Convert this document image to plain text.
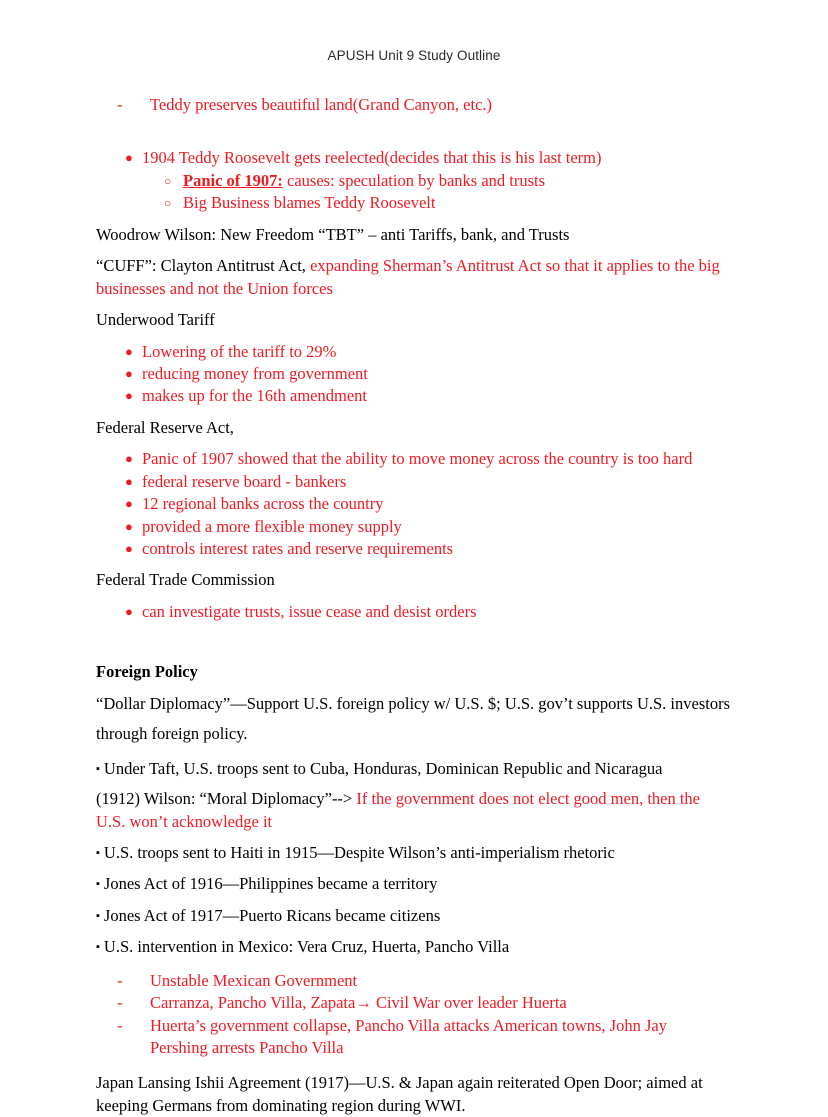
APUSH Unit 9 Study Outline
-	Teddy preserves beautiful land(Grand Canyon, etc.)
● 1904 Teddy Roosevelt gets reelected(decides that this is his last term)
○ Panic of 1907: causes: speculation by banks and trusts
○ Big Business blames Teddy Roosevelt

Woodrow Wilson: New Freedom “TBT” – anti Tariffs, bank, and Trusts

“CUFF”: Clayton Antitrust Act, expanding Sherman’s Antitrust Act so that it applies to the big businesses and not the Union forces

Underwood Tariff

● Lowering of the tariff to 29%
● reducing money from government
● makes up for the 16th amendment

Federal Reserve Act,

● Panic of 1907 showed that the ability to move money across the country is too hard
● federal reserve board - bankers
● 12 regional banks across the country
● provided a more flexible money supply
● controls interest rates and reserve requirements

Federal Trade Commission

● can investigate trusts, issue cease and desist orders

Foreign Policy

“Dollar Diplomacy”—Support U.S. foreign policy w/ U.S. $; U.S. gov’t supports U.S. investors

through foreign policy.

▪ Under Taft, U.S. troops sent to Cuba, Honduras, Dominican Republic and Nicaragua

(1912) Wilson: “Moral Diplomacy”--> If the government does not elect good men, then the U.S. won’t acknowledge it

▪ U.S. troops sent to Haiti in 1915—Despite Wilson’s anti-imperialism rhetoric

▪ Jones Act of 1916—Philippines became a territory

▪ Jones Act of 1917—Puerto Ricans became citizens

▪ U.S. intervention in Mexico: Vera Cruz, Huerta, Pancho Villa

-	Unstable Mexican Government
-	Carranza, Pancho Villa, Zapata→ Civil War over leader Huerta
-	Huerta’s government collapse, Pancho Villa attacks American towns, John Jay Pershing arrests Pancho Villa

Japan Lansing Ishii Agreement (1917)—U.S. & Japan again reiterated Open Door; aimed at keeping Germans from dominating region during WWI.
